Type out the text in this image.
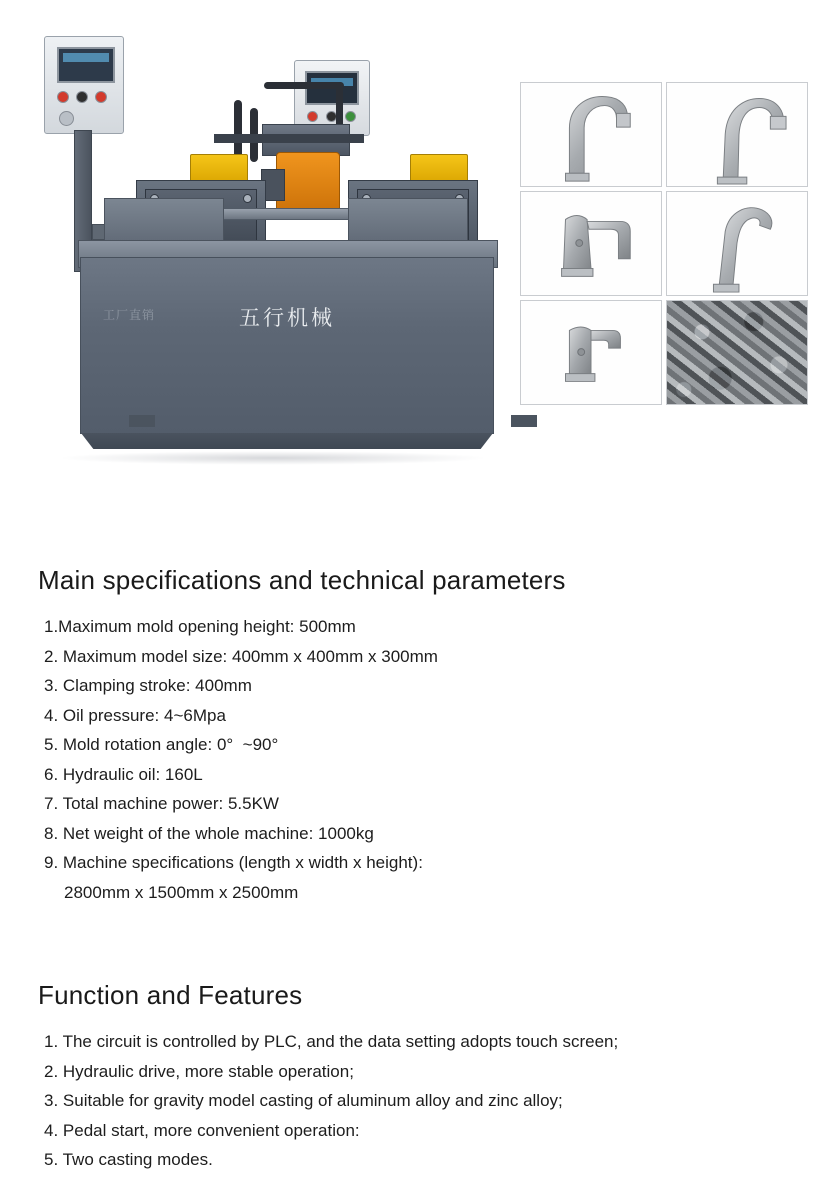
工厂直销	五行机械
Main specifications and technical parameters
1.Maximum mold opening height: 500mm
2. Maximum model size: 400mm x 400mm x 300mm
3. Clamping stroke: 400mm
4. Oil pressure: 4~6Mpa
5. Mold rotation angle: 0°  ~90°
6. Hydraulic oil: 160L
7. Total machine power: 5.5KW
8. Net weight of the whole machine: 1000kg
9. Machine specifications (length x width x height):
2800mm x 1500mm x 2500mm
Function and Features
1. The circuit is controlled by PLC, and the data setting adopts touch screen;
2. Hydraulic drive, more stable operation;
3. Suitable for gravity model casting of aluminum alloy and zinc alloy;
4. Pedal start, more convenient operation:
5. Two casting modes.
